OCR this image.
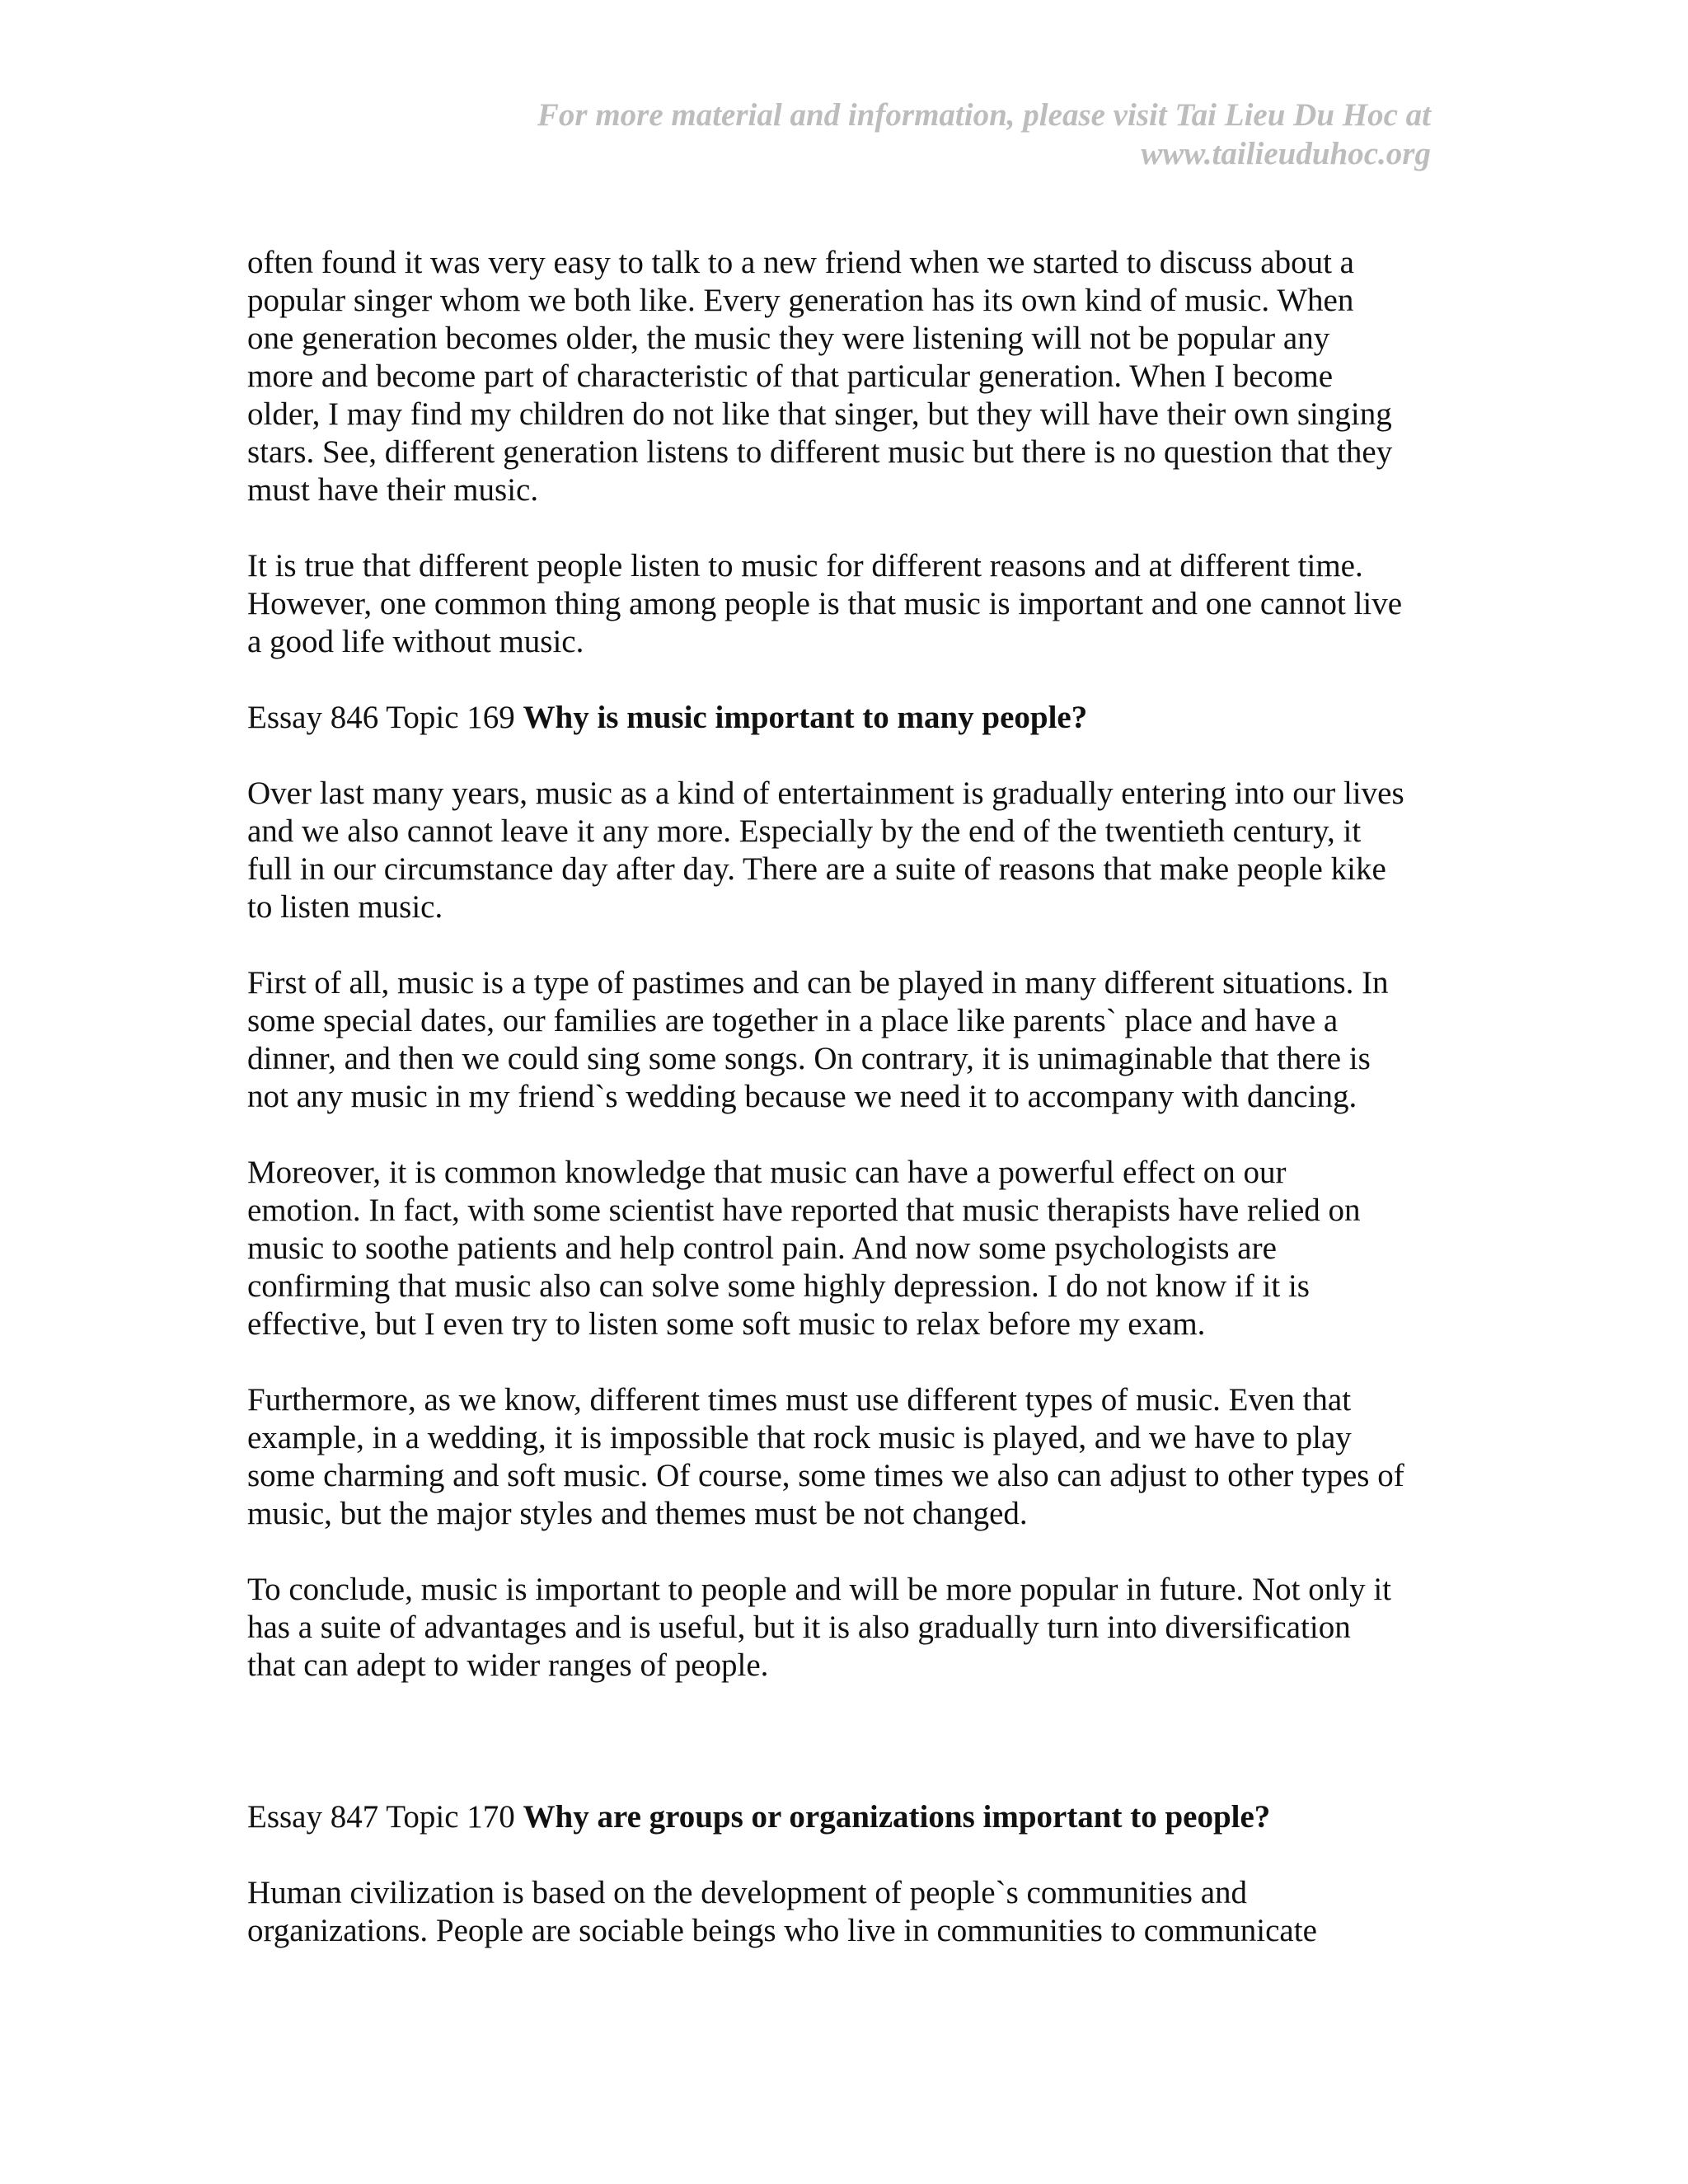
For more material and information, please visit Tai Lieu Du Hoc at
www.tailieuduhoc.org

often found it was very easy to talk to a new friend when we started to discuss about a
popular singer whom we both like. Every generation has its own kind of music. When
one generation becomes older, the music they were listening will not be popular any
more and become part of characteristic of that particular generation. When I become
older, I may find my children do not like that singer, but they will have their own singing
stars. See, different generation listens to different music but there is no question that they
must have their music.

It is true that different people listen to music for different reasons and at different time.
However, one common thing among people is that music is important and one cannot live
a good life without music.

Essay 846 Topic 169 Why is music important to many people?

Over last many years, music as a kind of entertainment is gradually entering into our lives
and we also cannot leave it any more. Especially by the end of the twentieth century, it
full in our circumstance day after day. There are a suite of reasons that make people kike
to listen music.

First of all, music is a type of pastimes and can be played in many different situations. In
some special dates, our families are together in a place like parents` place and have a
dinner, and then we could sing some songs. On contrary, it is unimaginable that there is
not any music in my friend`s wedding because we need it to accompany with dancing.

Moreover, it is common knowledge that music can have a powerful effect on our
emotion. In fact, with some scientist have reported that music therapists have relied on
music to soothe patients and help control pain. And now some psychologists are
confirming that music also can solve some highly depression. I do not know if it is
effective, but I even try to listen some soft music to relax before my exam.

Furthermore, as we know, different times must use different types of music. Even that
example, in a wedding, it is impossible that rock music is played, and we have to play
some charming and soft music. Of course, some times we also can adjust to other types of
music, but the major styles and themes must be not changed.

To conclude, music is important to people and will be more popular in future. Not only it
has a suite of advantages and is useful, but it is also gradually turn into diversification
that can adept to wider ranges of people.

Essay 847 Topic 170 Why are groups or organizations important to people?

Human civilization is based on the development of people`s communities and
organizations. People are sociable beings who live in communities to communicate
